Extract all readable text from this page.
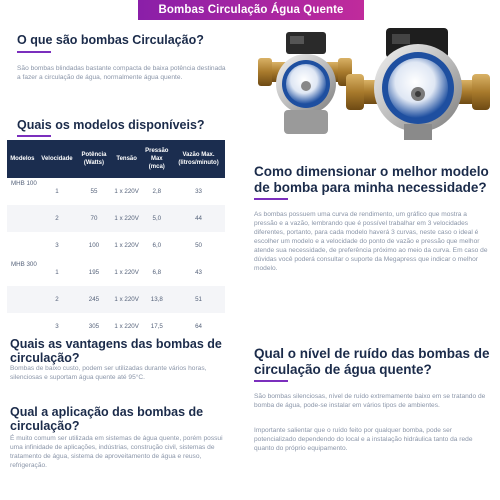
Bombas Circulação Água Quente
O que são bombas Circulação?

São bombas blindadas bastante compacta de baixa potência destinada a fazer a circulação de água, normalmente água quente.

Quais os modelos disponíveis?
Modelos	Velocidade	Potência (Watts)	Tensão	Pressão Max (mca)	Vazão Max. (litros/minuto)
MHB 100	1	55	1 x 220V	2,8	33
	2	70	1 x 220V	5,0	44
	3	100	1 x 220V	6,0	50
MHB 300	1	195	1 x 220V	6,8	43
	2	245	1 x 220V	13,8	51
	3	305	1 x 220V	17,5	64
Como dimensionar o melhor modelo de bomba para minha necessidade?

As bombas possuem uma curva de rendimento, um gráfico que mostra a pressão e a vazão, lembrando que é possível trabalhar em 3 velocidades diferentes, portanto, para cada modelo haverá 3 curvas, neste caso o ideal é escolher um modelo e a velocidade do ponto de vazão e pressão que melhor atende sua necessidade, de preferência próximo ao meio da curva. Em caso de dúvidas você poderá consultar o suporte da Megapress que indicar o melhor modelo.

Quais as vantagens das bombas de circulação?

Bombas de baixo custo, podem ser utilizadas durante vários horas, silenciosas e suportam água quente até 95°C.

Qual a aplicação das bombas de circulação?

É muito comum ser utilizada em sistemas de água quente, porém possui uma infinidade de aplicações, indústrias, construção civil, sistemas de tratamento de água, sistema de aproveitamento de água e reuso, refrigeração.

Qual o nível de ruído das bombas de circulação de água quente?

São bombas silenciosas, nível de ruído extremamente baixo em se tratando de bomba de água, pode-se instalar em vários tipos de ambientes.

Importante salientar que o ruído feito por qualquer bomba, pode ser potencializado dependendo do local e a instalação hidráulica tanto da rede quanto do próprio equipamento.
